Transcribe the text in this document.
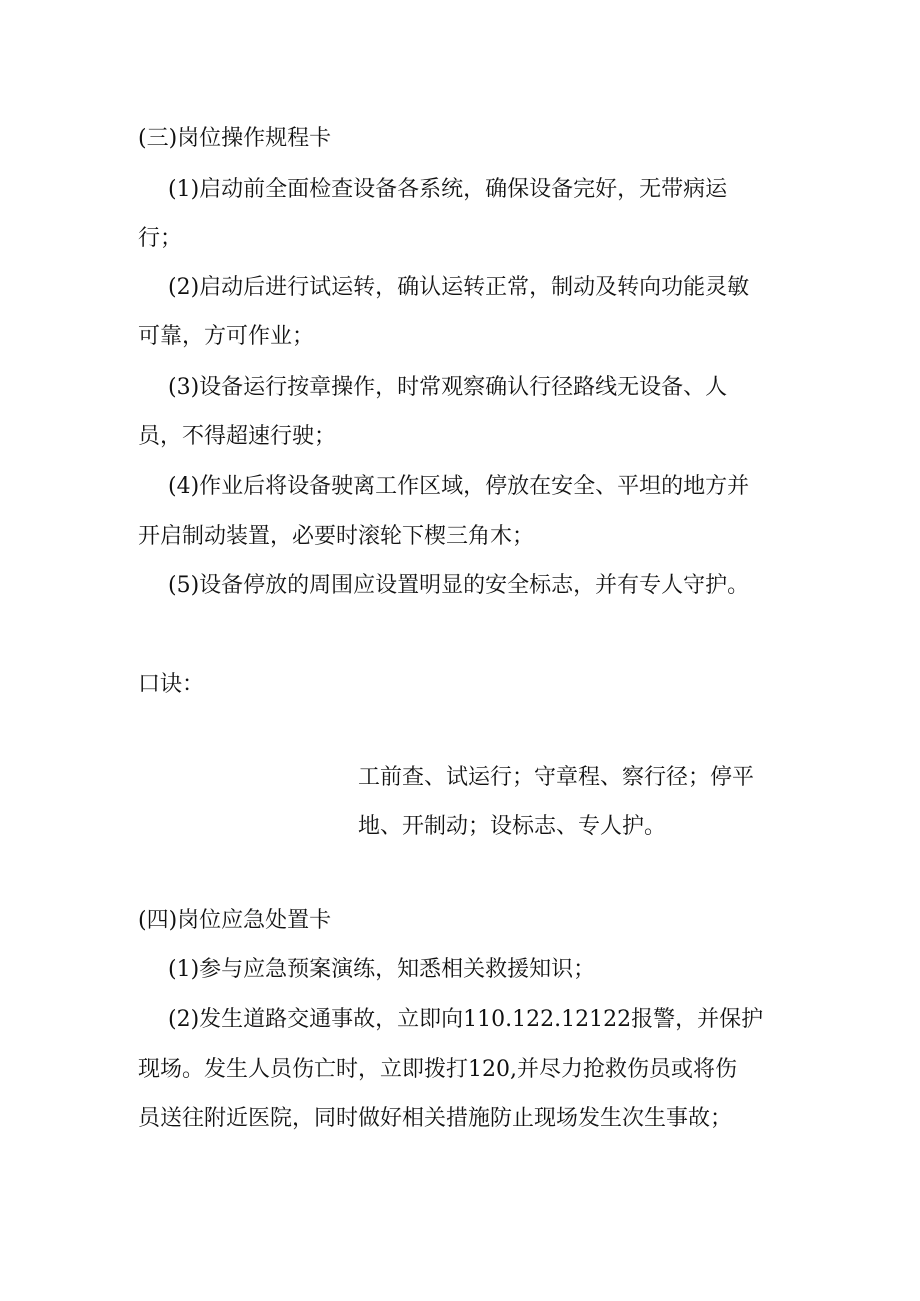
(三)岗位操作规程卡
(1)启动前全面检查设备各系统，确保设备完好，无带病运
行；
(2)启动后进行试运转，确认运转正常，制动及转向功能灵敏
可靠，方可作业；
(3)设备运行按章操作，时常观察确认行径路线无设备、人
员，不得超速行驶；
(4)作业后将设备驶离工作区域，停放在安全、平坦的地方并
开启制动装置，必要时滚轮下楔三角木；
(5)设备停放的周围应设置明显的安全标志，并有专人守护。
口诀：
工前查、试运行；守章程、察行径；停平
地、开制动；设标志、专人护。
(四)岗位应急处置卡
(1)参与应急预案演练，知悉相关救援知识；
(2)发生道路交通事故，立即向110.122.12122报警，并保护
现场。发生人员伤亡时，立即拨打120,并尽力抢救伤员或将伤
员送往附近医院，同时做好相关措施防止现场发生次生事故；
